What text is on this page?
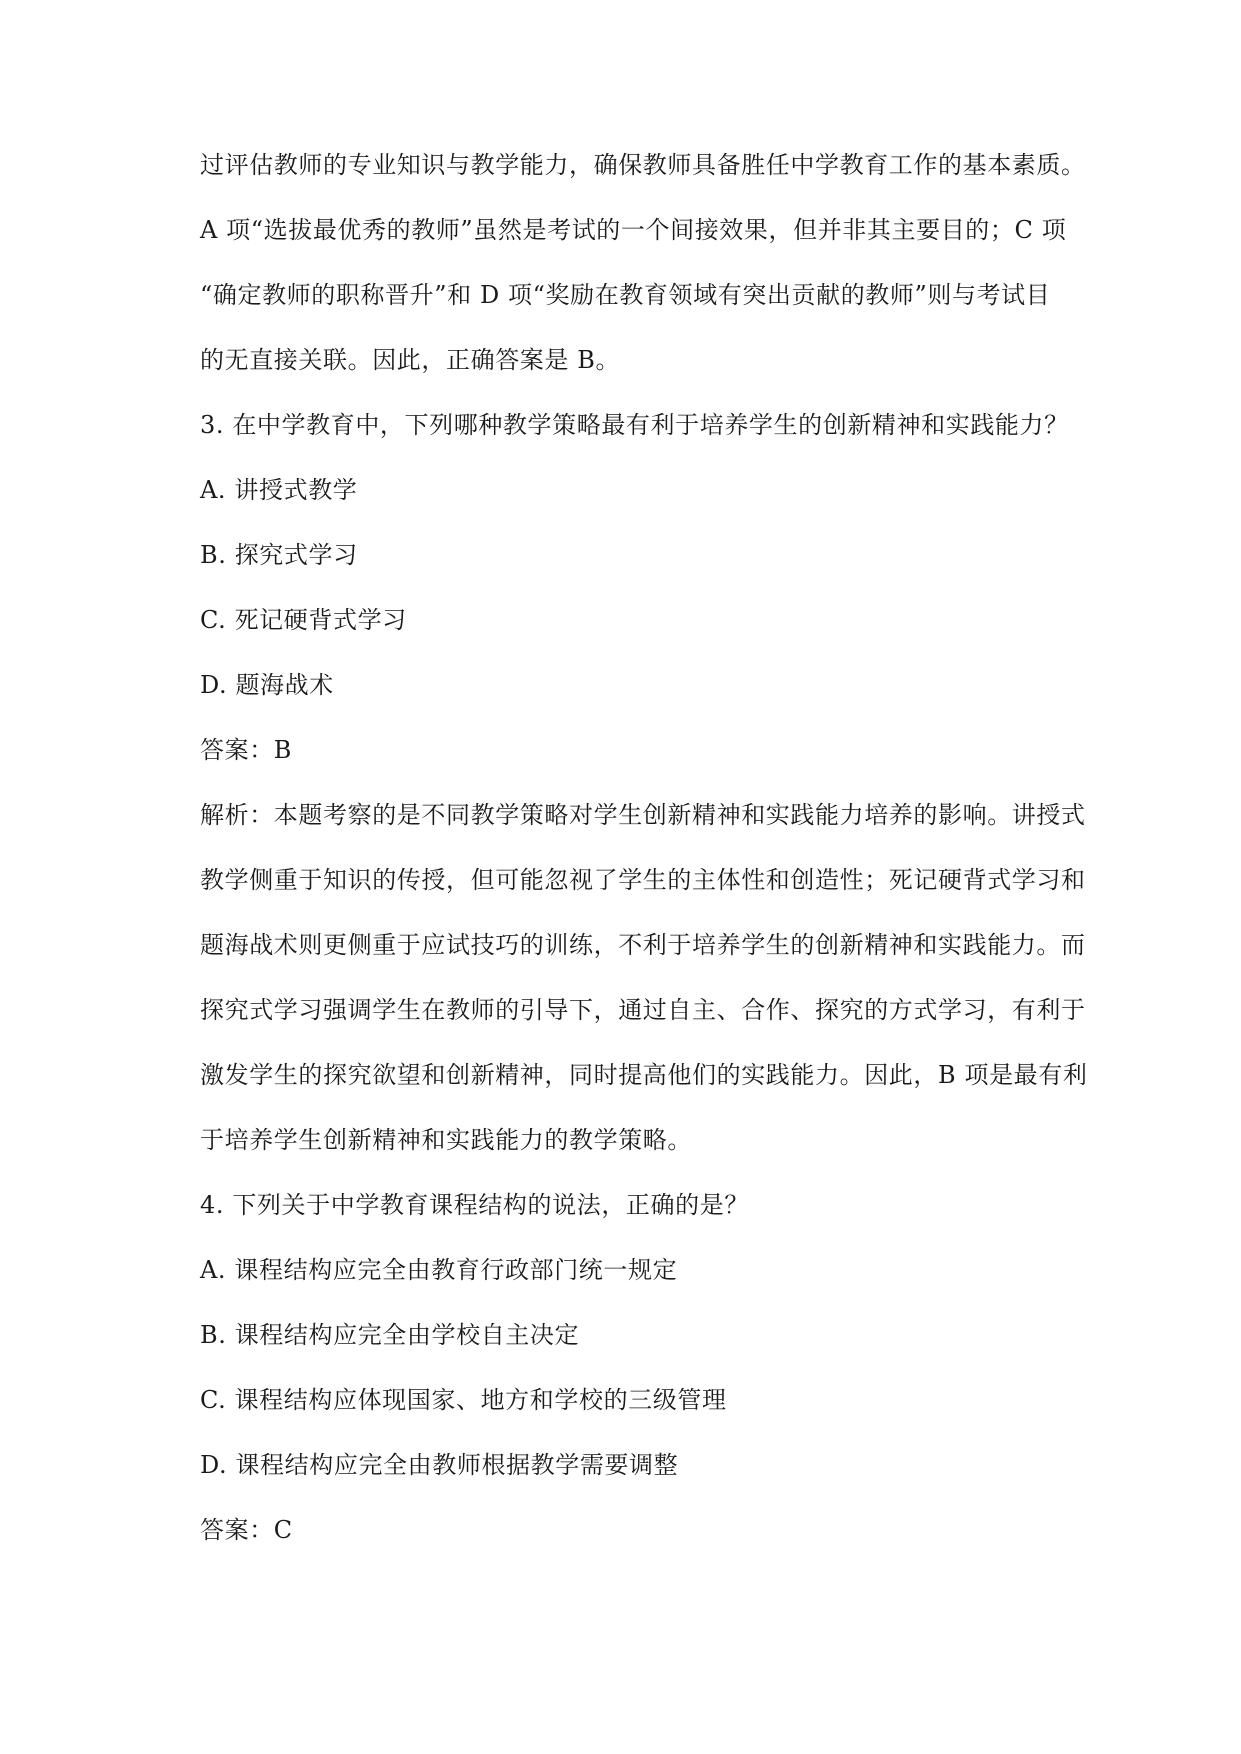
过评估教师的专业知识与教学能力，确保教师具备胜任中学教育工作的基本素质。
A 项“选拔最优秀的教师”虽然是考试的一个间接效果，但并非其主要目的；C 项
“确定教师的职称晋升”和 D 项“奖励在教育领域有突出贡献的教师”则与考试目
的无直接关联。因此，正确答案是 B。
3. 在中学教育中，下列哪种教学策略最有利于培养学生的创新精神和实践能力？
A. 讲授式教学
B. 探究式学习
C. 死记硬背式学习
D. 题海战术
答案：B
解析：本题考察的是不同教学策略对学生创新精神和实践能力培养的影响。讲授式
教学侧重于知识的传授，但可能忽视了学生的主体性和创造性；死记硬背式学习和
题海战术则更侧重于应试技巧的训练，不利于培养学生的创新精神和实践能力。而
探究式学习强调学生在教师的引导下，通过自主、合作、探究的方式学习，有利于
激发学生的探究欲望和创新精神，同时提高他们的实践能力。因此，B 项是最有利
于培养学生创新精神和实践能力的教学策略。
4. 下列关于中学教育课程结构的说法，正确的是？
A. 课程结构应完全由教育行政部门统一规定
B. 课程结构应完全由学校自主决定
C. 课程结构应体现国家、地方和学校的三级管理
D. 课程结构应完全由教师根据教学需要调整
答案：C
